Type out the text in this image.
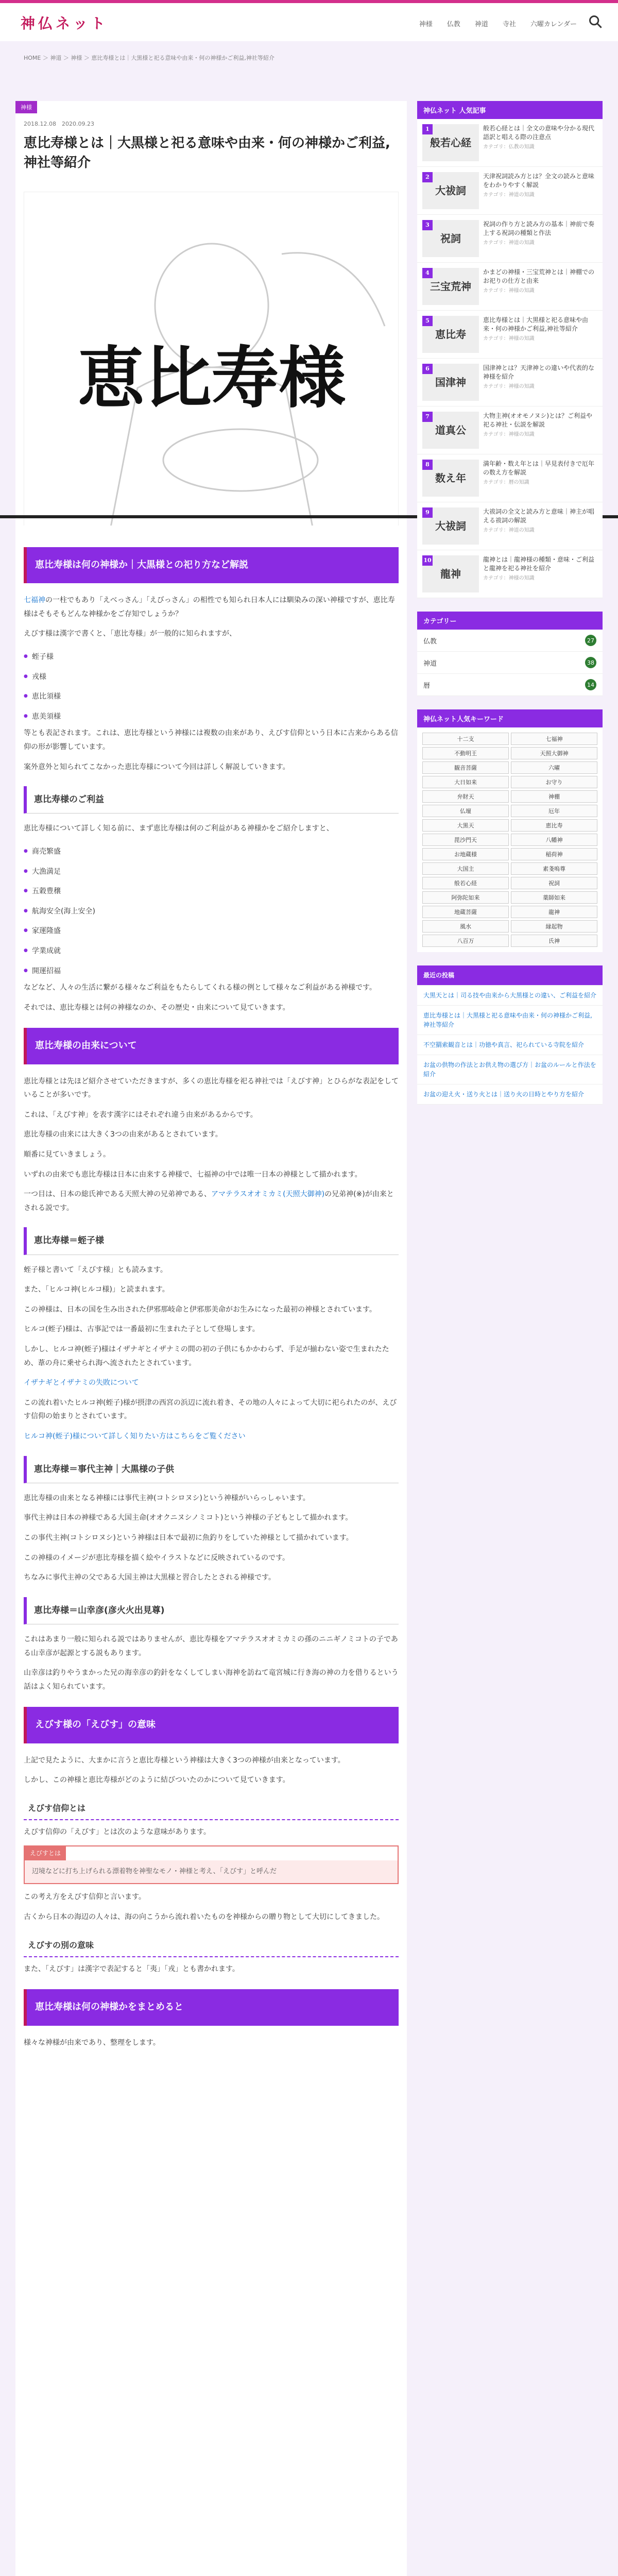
神仏ネット	神様 仏教 神道 寺社 六曜カレンダー
HOME ＞ 神道 ＞ 神様 ＞ 恵比寿様とは｜大黒様と祀る意味や由来・何の神様かご利益,神社等紹介
神様
2018.12.08　2020.09.23
恵比寿様とは｜大黒様と祀る意味や由来・何の神様かご利益,神社等紹介
恵比寿様
恵比寿様は何の神様か｜大黒様との祀り方など解説

七福神の一柱でもあり「えべっさん」「えびっさん」の相性でも知られ日本人には馴染みの深い神様ですが、恵比寿様はそもそもどんな神様かをご存知でしょうか？

えびす様は漢字で書くと、「恵比寿様」が一般的に知られますが、

● 蛭子様
● 戎様
● 恵比須様
● 恵美須様

等とも表記されます。これは、恵比寿様という神様には複数の由来があり、えびす信仰という日本に古来からある信仰の形が影響しています。

案外意外と知られてこなかった恵比寿様について今回は詳しく解説していきます。

恵比寿様のご利益

恵比寿様について詳しく知る前に、まず恵比寿様は何のご利益がある神様かをご紹介しますと、

● 商売繁盛
● 大漁満足
● 五穀豊穣
● 航海安全(海上安全)
● 家運隆盛
● 学業成就
● 開運招福

などなど、人々の生活に繋がる様々なご利益をもたらしてくれる様の例として様々なご利益がある神様です。

それでは、恵比寿様とは何の神様なのか、その歴史・由来について見ていきます。

恵比寿様の由来について

恵比寿様とは先ほど紹介させていただきますが、多くの恵比寿様を祀る神社では「えびす神」とひらがな表記をしていることが多いです。

これは、「えびす神」を表す漢字にはそれぞれ違う由来があるからです。

恵比寿様の由来には大きく3つの由来があるとされています。

順番に見ていきましょう。

いずれの由来でも恵比寿様は日本に由来する神様で、七福神の中では唯一日本の神様として描かれます。

一つ目は、日本の総氏神である天照大神の兄弟神である、アマテラスオオミカミ(天照大御神)の兄弟神(※)が由来とされる説です。

恵比寿様＝蛭子様

蛭子様と書いて「えびす様」とも読みます。

また、「ヒルコ神(ヒルコ様)」と読まれます。

この神様は、日本の国を生み出された伊邪那岐命と伊邪那美命がお生みになった最初の神様とされています。

ヒルコ(蛭子)様は、古事記では一番最初に生まれた子として登場します。

しかし、ヒルコ神(蛭子)様はイザナギとイザナミの間の初の子供にもかかわらず、手足が揃わない姿で生まれたため、葦の舟に乗せられ海へ流されたとされています。

イザナギとイザナミの失敗について

この流れ着いたヒルコ神(蛭子)様が摂津の西宮の浜辺に流れ着き、その地の人々によって大切に祀られたのが、えびす信仰の始まりとされています。

ヒルコ神(蛭子)様について詳しく知りたい方はこちらをご覧ください

恵比寿様＝事代主神｜大黒様の子供

恵比寿様の由来となる神様には事代主神(コトシロヌシ)という神様がいらっしゃいます。

事代主神は日本の神様である大国主命(オオクニヌシノミコト)という神様の子どもとして描かれます。

この事代主神(コトシロヌシ)という神様は日本で最初に魚釣りをしていた神様として描かれています。

この神様のイメージが恵比寿様を描く絵やイラストなどに反映されているのです。

ちなみに事代主神の父である大国主神は大黒様と習合したとされる神様です。

恵比寿様＝山幸彦(彦火火出見尊)

これはあまり一般に知られる説ではありませんが、恵比寿様をアマテラスオオミカミの孫のニニギノミコトの子である山幸彦が起源とする説もあります。

山幸彦は釣りやうまかった兄の海幸彦の釣針をなくしてしまい海神を訪ねて竜宮城に行き海の神の力を借りるという話はよく知られています。

えびす様の「えびす」の意味

上記で見たように、大まかに言うと恵比寿様という神様は大きく3つの神様が由来となっています。

しかし、この神様と恵比寿様がどのように結びついたのかについて見ていきます。

えびす信仰とは

えびす信仰の「えびす」とは次のような意味があります。

えびすとは
辺境などに打ち上げられる漂着物を神聖なモノ・神様と考え、「えびす」と呼んだ

この考え方をえびす信仰と言います。

古くから日本の海辺の人々は、海の向こうから流れ着いたものを神様からの贈り物として大切にしてきました。

えびすの別の意味

また、「えびす」は漢字で表記すると「夷」「戎」とも書かれます。

恵比寿様は何の神様かをまとめると

様々な神様が由来であり、整理をします。

神仏ネット 人気記事
1
般若心経
般若心経とは｜全文の意味や分かる現代語訳と唱える際の注意点
カテゴリ：仏教の知識
2
大祓詞
天津祝詞読み方とは？全文の読みと意味をわかりやすく解説
カテゴリ：神道の知識
3
祝詞
祝詞の作り方と読み方の基本｜神前で奏上する祝詞の種類と作法
カテゴリ：神道の知識
4
三宝荒神
かまどの神様・三宝荒神とは｜神棚でのお祀りの仕方と由来
カテゴリ：神様の知識
5
恵比寿
恵比寿様とは｜大黒様と祀る意味や由来・何の神様かご利益,神社等紹介
カテゴリ：神様の知識
6
国津神
国津神とは？天津神との違いや代表的な神様を紹介
カテゴリ：神様の知識
7
道真公
大物主神(オオモノヌシ)とは？ご利益や祀る神社・伝説を解説
カテゴリ：神様の知識
8
数え年
満年齢・数え年とは｜早見表付きで厄年の数え方を解説
カテゴリ：暦の知識
9
大祓詞
大祓詞の全文と読み方と意味｜神主が唱える祓詞の解説
カテゴリ：神道の知識
10
龍神
龍神とは｜龍神様の種類・意味・ご利益と龍神を祀る神社を紹介
カテゴリ：神様の知識
カテゴリー
仏教	27
神道	38
暦	14
神仏ネット人気キーワード
十二支	七福神
不動明王	天照大御神
観音菩薩	六曜
大日如来	お守り
弁財天	神棚
仏壇	厄年
大黒天	恵比寿
毘沙門天	八幡神
お地蔵様	稲荷神
大国主	素戔嗚尊
般若心経	祝詞
阿弥陀如来	薬師如来
地蔵菩薩	龍神
風水	縁起物
八百万	氏神
最近の投稿
大黒天とは｜司る技や由来から大黒様との違い、ご利益を紹介
恵比寿様とは｜大黒様と祀る意味や由来・何の神様かご利益,神社等紹介
不空羂索観音とは｜功徳や真言、祀られている寺院を紹介
お盆の供物の作法とお供え物の選び方｜お盆のルールと作法を紹介
お盆の迎え火・送り火とは｜送り火の日時とやり方を紹介
